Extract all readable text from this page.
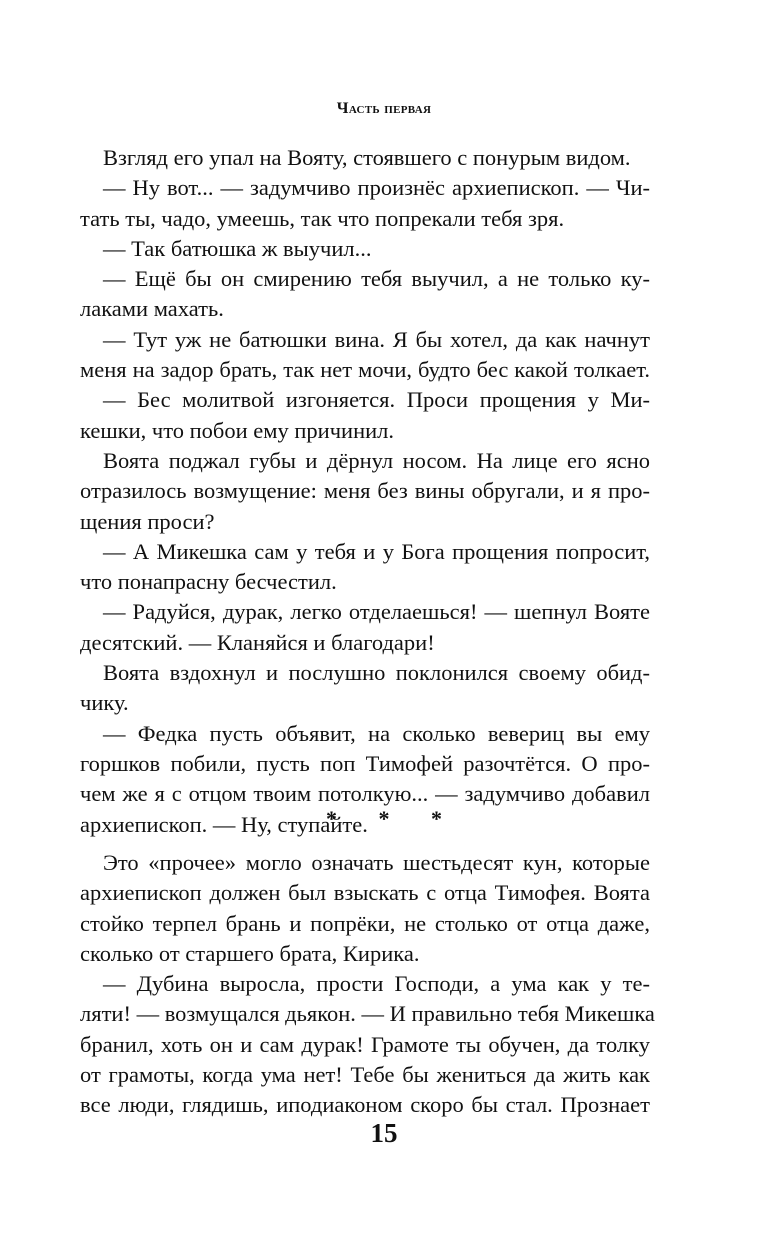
Часть первая
Взгляд его упал на Вояту, стоявшего с понурым видом.
— Ну вот... — задумчиво произнёс архиепископ. — Чи-
тать ты, чадо, умеешь, так что попрекали тебя зря.
— Так батюшка ж выучил...
— Ещё бы он смирению тебя выучил, а не только ку-
лаками махать.
— Тут уж не батюшки вина. Я бы хотел, да как начнут
меня на задор брать, так нет мочи, будто бес какой толкает.
— Бес молитвой изгоняется. Проси прощения у Ми-
кешки, что побои ему причинил.
Воята поджал губы и дёрнул носом. На лице его ясно
отразилось возмущение: меня без вины обругали, и я про-
щения проси?
— А Микешка сам у тебя и у Бога прощения попросит,
что понапрасну бесчестил.
— Радуйся, дурак, легко отделаешься! — шепнул Вояте
десятский. — Кланяйся и благодари!
Воята вздохнул и послушно поклонился своему обид-
чику.
— Федка пусть объявит, на сколько вевериц вы ему
горшков побили, пусть поп Тимофей разочтётся. О про-
чем же я с отцом твоим потолкую... — задумчиво добавил
архиепископ. — Ну, ступайте.
* * *
Это «прочее» могло означать шестьдесят кун, которые
архиепископ должен был взыскать с отца Тимофея. Воята
стойко терпел брань и попрёки, не столько от отца даже,
сколько от старшего брата, Кирика.
— Дубина выросла, прости Господи, а ума как у те-
ляти! — возмущался дьякон. — И правильно тебя Микешка
бранил, хоть он и сам дурак! Грамоте ты обучен, да толку
от грамоты, когда ума нет! Тебе бы жениться да жить как
все люди, глядишь, иподиаконом скоро бы стал. Прознает
15
